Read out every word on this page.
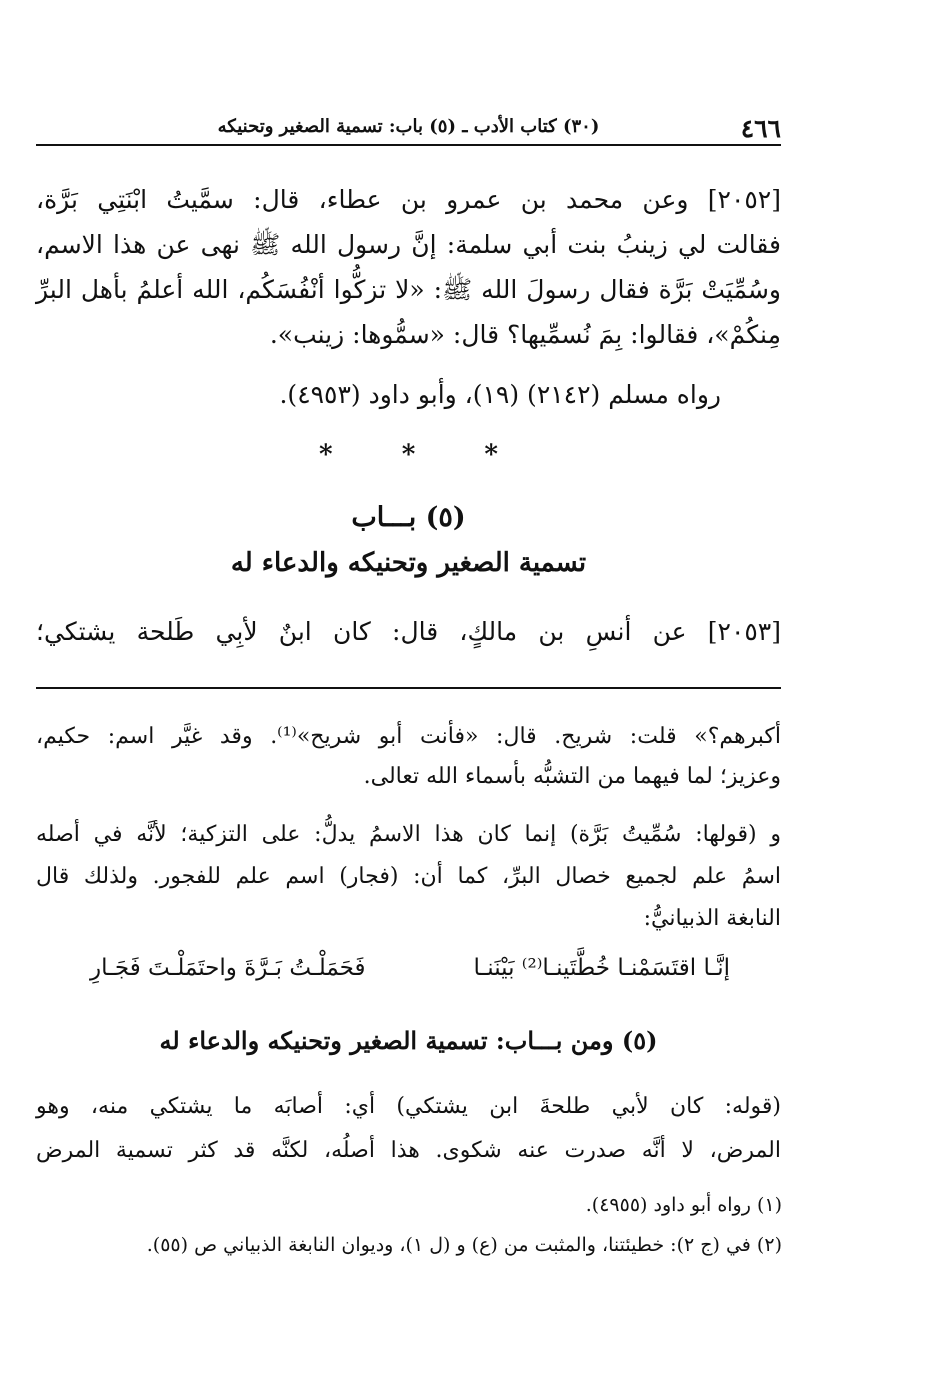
٤٦٦
(٣٠) كتاب الأدب ـ (٥) باب: تسمية الصغير وتحنيكه
[٢٠٥٢] وعن محمد بن عمرو بن عطاء، قال: سمَّيتُ ابْنَتِي بَرَّة،
فقالت لي زينبُ بنت أبي سلمة: إنَّ رسول الله ﷺ نهى عن هذا الاسم،
وسُمِّيَتْ بَرَّة فقال رسولَ الله ﷺ: «لا تزكُّوا أنْفُسَكُم، الله أعلمُ بأهل البرِّ
مِنكُمْ»، فقالوا: بِمَ نُسمِّيها؟ قال: «سمُّوها: زينب».
رواه مسلم (٢١٤٢) (١٩)، وأبو داود (٤٩٥٣).
* * *
(٥) بـــاب
تسمية الصغير وتحنيكه والدعاء له
[٢٠٥٣] عن أنسِ بن مالكٍ، قال: كان ابنٌ لأبِي طَلحة يشتكي؛
أكبرهم؟» قلت: شريح. قال: «فأنت أبو شريح»⁽¹⁾. وقد غيَّر اسم: حكيم،
وعزيز؛ لما فيهما من التشبُّه بأسماء الله تعالى.
و (قولها: سُمِّيتُ بَرَّة) إنما كان هذا الاسمُ يدلُّ: على التزكية؛ لأنَّه في أصله
اسمُ علم لجميع خصال البرِّ، كما أن: (فجار) اسم علم للفجور. ولذلك قال
النابغة الذبيانيُّ:
إنَّـا اقتَسَمْنـا خُطَّتَينـا⁽²⁾ بَيْنَنـا
فَحَمَلْـتُ بَـرَّةَ واحتَمَلْـتَ فَجَـارِ
(٥) ومن بـــاب: تسمية الصغير وتحنيكه والدعاء له
(قوله: كان لأبي طلحةَ ابن يشتكي) أي: أصابَه ما يشتكي منه، وهو
المرض، لا أنَّه صدرت عنه شكوى. هذا أصلُه، لكنَّه قد كثر تسمية المرض
(١) رواه أبو داود (٤٩٥٥).
(٢) في (ج ٢): خطيئتنا، والمثبت من (ع) و (ل ١)، وديوان النابغة الذبياني ص (٥٥).
